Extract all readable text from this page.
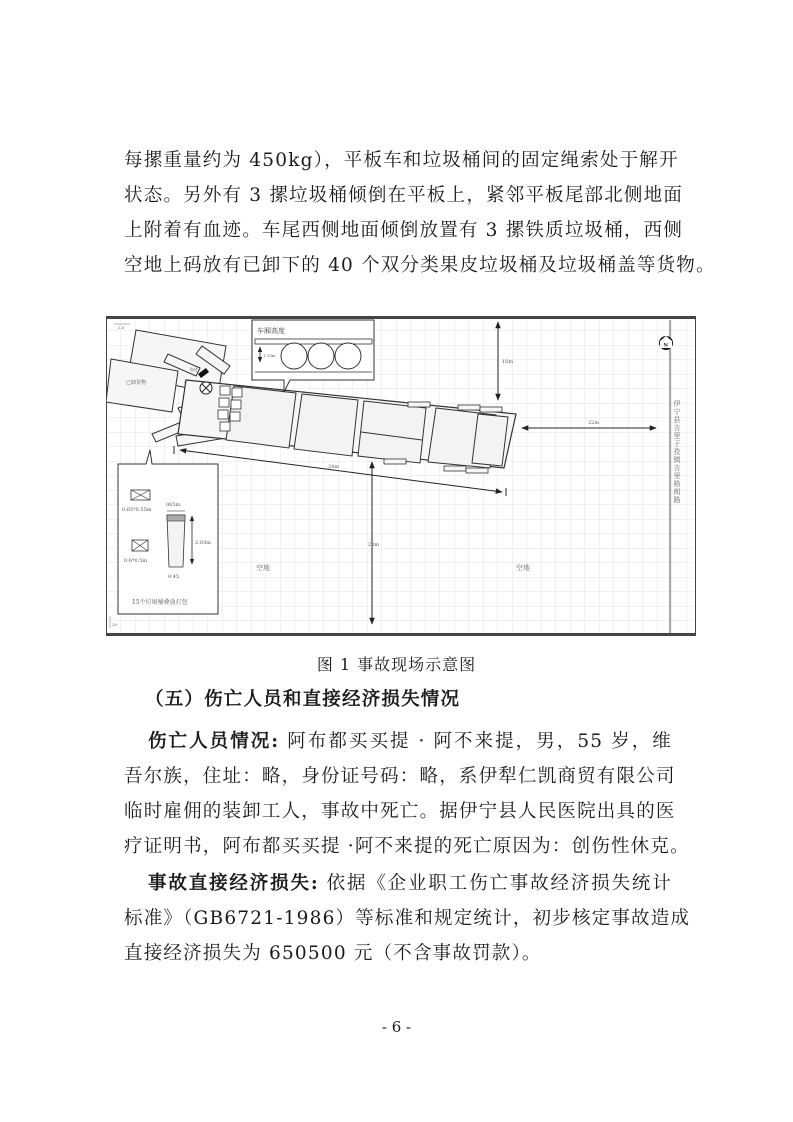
每摞重量约为 450kg），平板车和垃圾桶间的固定绳索处于解开
状态。另外有 3 摞垃圾桶倾倒在平板上，紧邻平板尾部北侧地面
上附着有血迹。车尾西侧地面倾倒放置有 3 摞铁质垃圾桶，西侧
空地上码放有已卸下的 40 个双分类果皮垃圾桶及垃圾桶盖等货物。
2.0
20
已卸货物
血迹
车厢高度
1.15m
10m
22m
24m
20m
空地	空地
伊宁县吉里于孜镇吉里格朗路
N
0.65*0.55m
0.6*0.5m
065m
2.03m
0.45
15个垃圾桶叠放打包
图 1 事故现场示意图
（五）伤亡人员和直接经济损失情况
伤亡人员情况: 阿布都买买提 · 阿不来提，男，55 岁，维
吾尔族，住址：略，身份证号码：略，系伊犁仁凯商贸有限公司
临时雇佣的装卸工人，事故中死亡。据伊宁县人民医院出具的医
疗证明书，阿布都买买提 ·阿不来提的死亡原因为：创伤性休克。
事故直接经济损失: 依据《企业职工伤亡事故经济损失统计
标准》（GB6721-1986）等标准和规定统计，初步核定事故造成
直接经济损失为 650500 元（不含事故罚款）。
- 6 -
